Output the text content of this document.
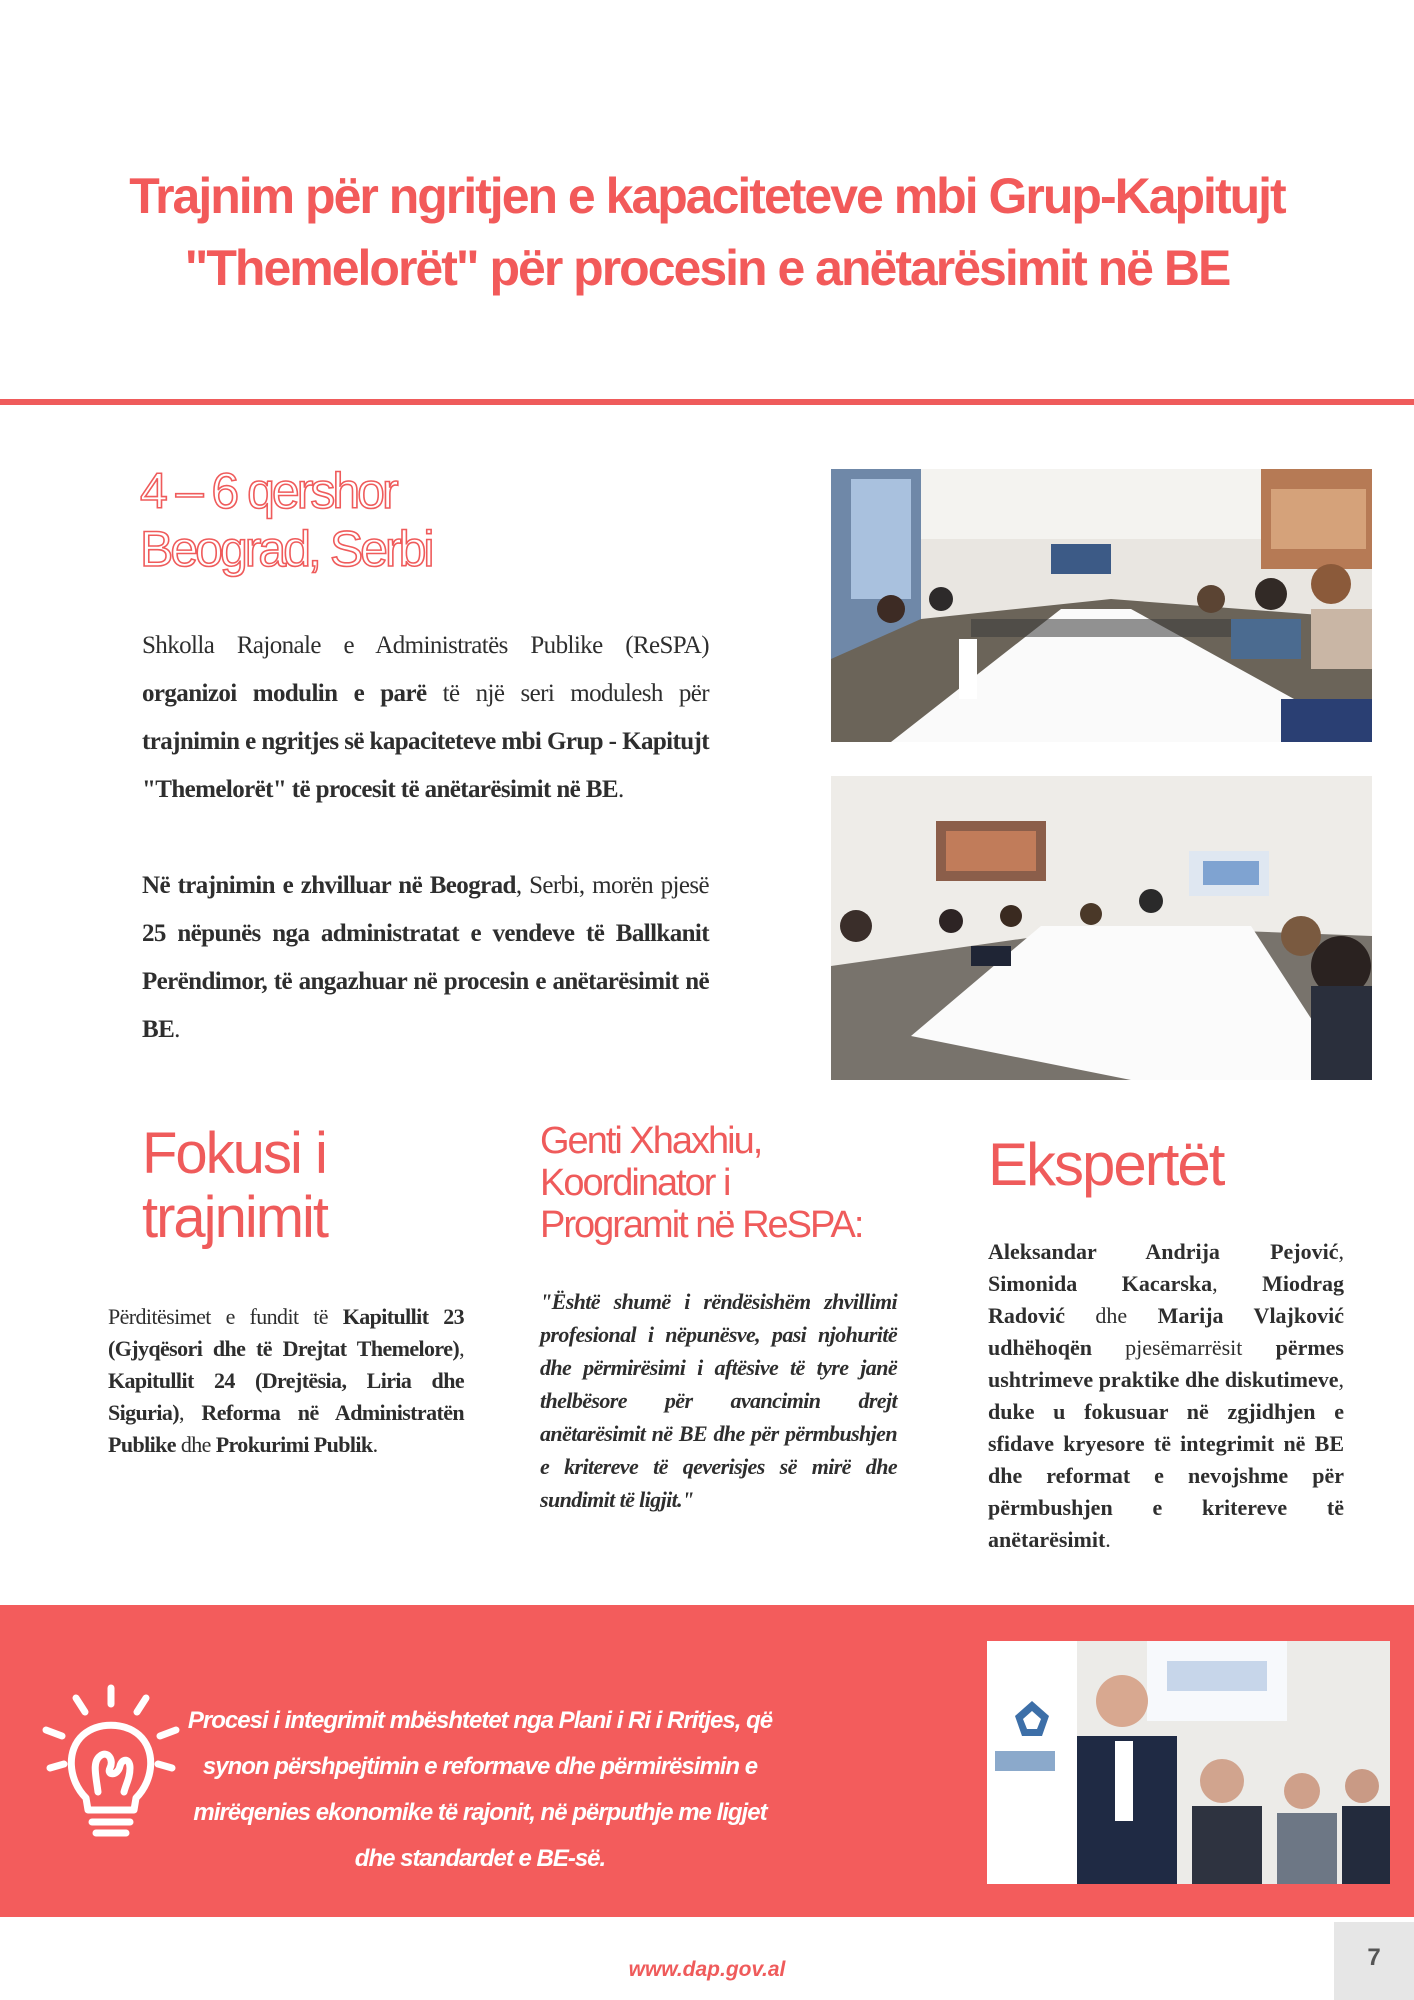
Trajnim për ngritjen e kapaciteteve mbi Grup-Kapitujt
"Themelorët" për procesin e anëtarësimit në BE
4 – 6 qershor
Beograd, Serbi
Shkolla Rajonale e Administratës Publike (ReSPA) organizoi modulin e parë të një seri modulesh për trajnimin e ngritjes së kapaciteteve mbi Grup - Kapitujt "Themelorët" të procesit të anëtarësimit në BE.
Në trajnimin e zhvilluar në Beograd, Serbi, morën pjesë 25 nëpunës nga administratat e vendeve të Ballkanit Perëndimor, të angazhuar në procesin e anëtarësimit në BE.
Fokusi i
trajnimit
Përditësimet e fundit të Kapitullit 23 (Gjyqësori dhe të Drejtat Themelore), Kapitullit 24 (Drejtësia, Liria dhe Siguria), Reforma në Administratën Publike dhe Prokurimi Publik.
Genti Xhaxhiu,
Koordinator i
Programit në ReSPA:
"Është shumë i rëndësishëm zhvillimi profesional i nëpunësve, pasi njohuritë dhe përmirësimi i aftësive të tyre janë thelbësore për avancimin drejt anëtarësimit në BE dhe për përmbushjen e kritereve të qeverisjes së mirë dhe sundimit të ligjit."
Ekspertët
Aleksandar Andrija Pejović, Simonida Kacarska, Miodrag Radović dhe Marija Vlajković udhëhoqën pjesëmarrësit përmes ushtrimeve praktike dhe diskutimeve, duke u fokusuar në zgjidhjen e sfidave kryesore të integrimit në BE dhe reformat e nevojshme për përmbushjen e kritereve të anëtarësimit.
Procesi i integrimit mbështetet nga Plani i Ri i Rritjes, që synon përshpejtimin e reformave dhe përmirësimin e mirëqenies ekonomike të rajonit, në përputhje me ligjet dhe standardet e BE-së.
www.dap.gov.al	7
